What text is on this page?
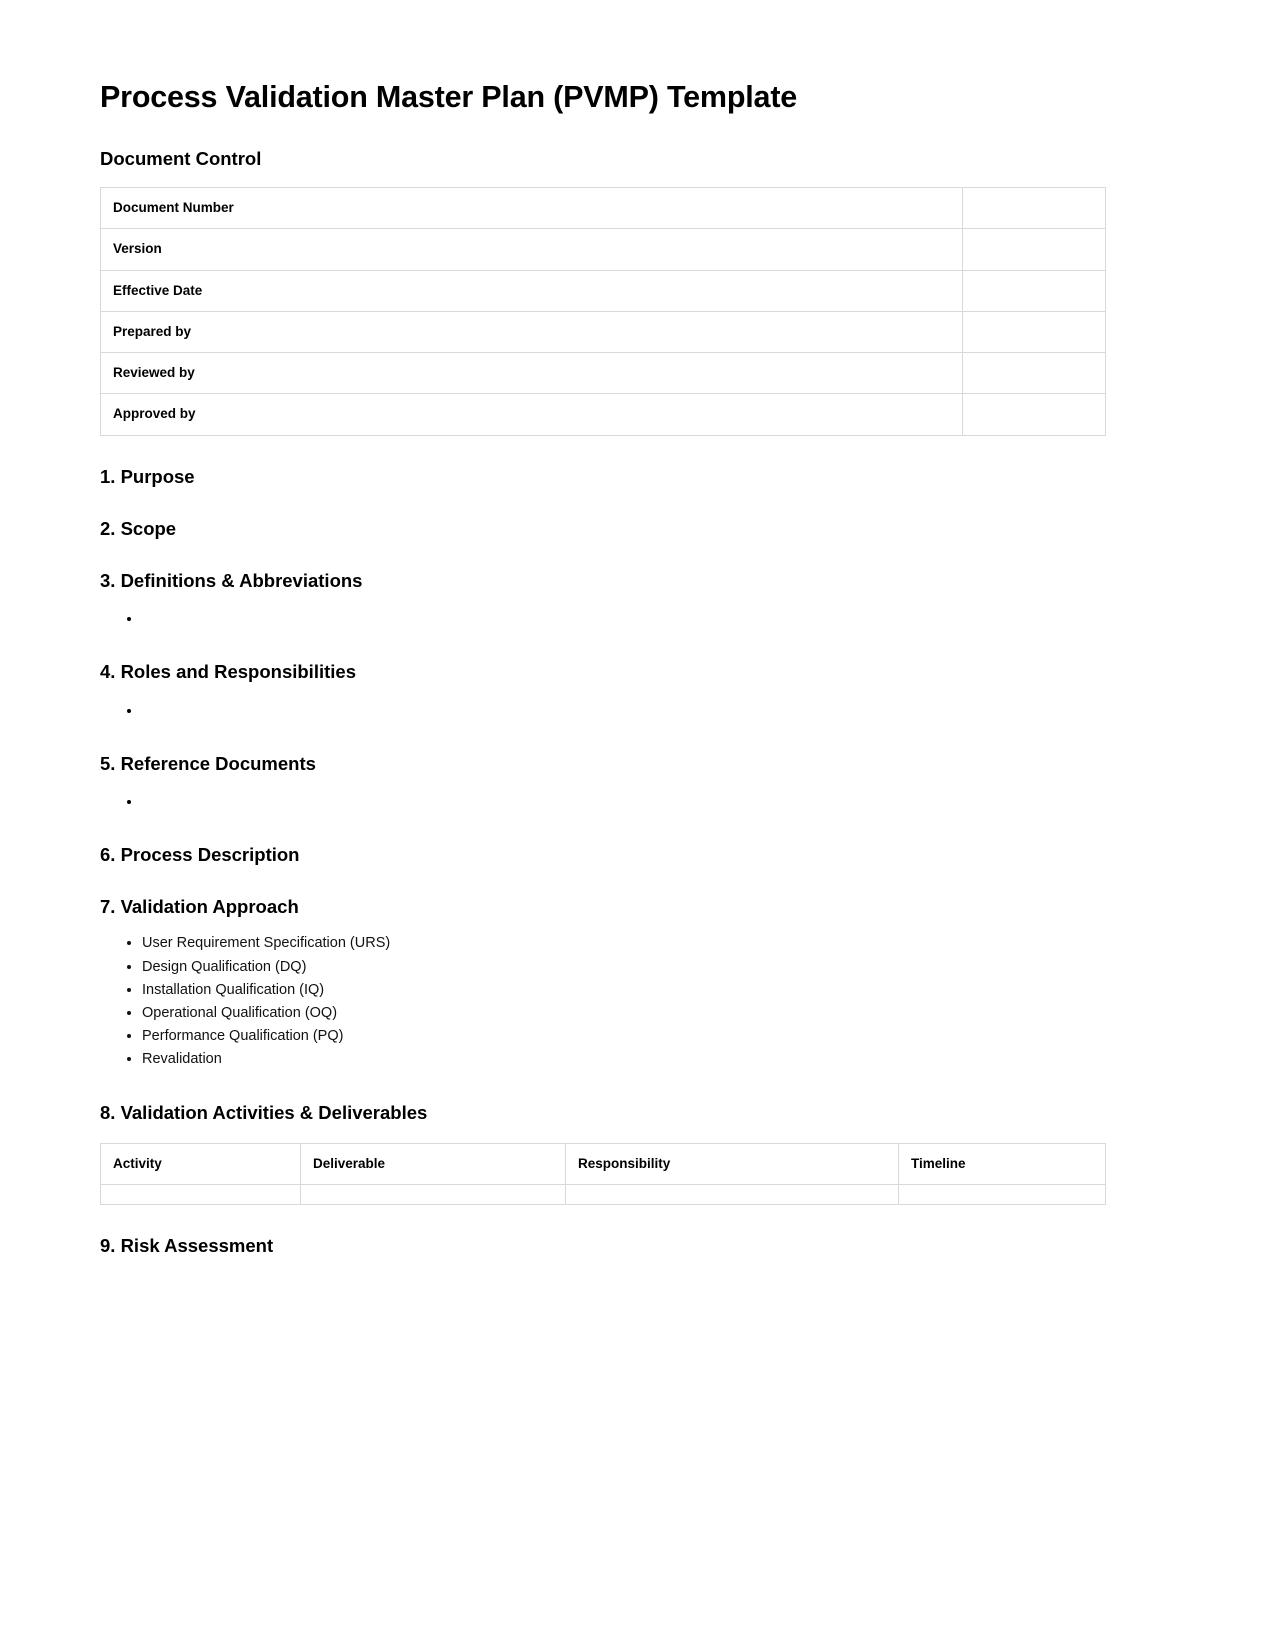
Process Validation Master Plan (PVMP) Template
Document Control
Document Number	
Version	
Effective Date	
Prepared by	
Reviewed by	
Approved by	
1. Purpose
2. Scope
3. Definitions & Abbreviations
•
4. Roles and Responsibilities
•
5. Reference Documents
•
6. Process Description
7. Validation Approach
• User Requirement Specification (URS)
• Design Qualification (DQ)
• Installation Qualification (IQ)
• Operational Qualification (OQ)
• Performance Qualification (PQ)
• Revalidation
8. Validation Activities & Deliverables
Activity	Deliverable	Responsibility	Timeline

9. Risk Assessment
